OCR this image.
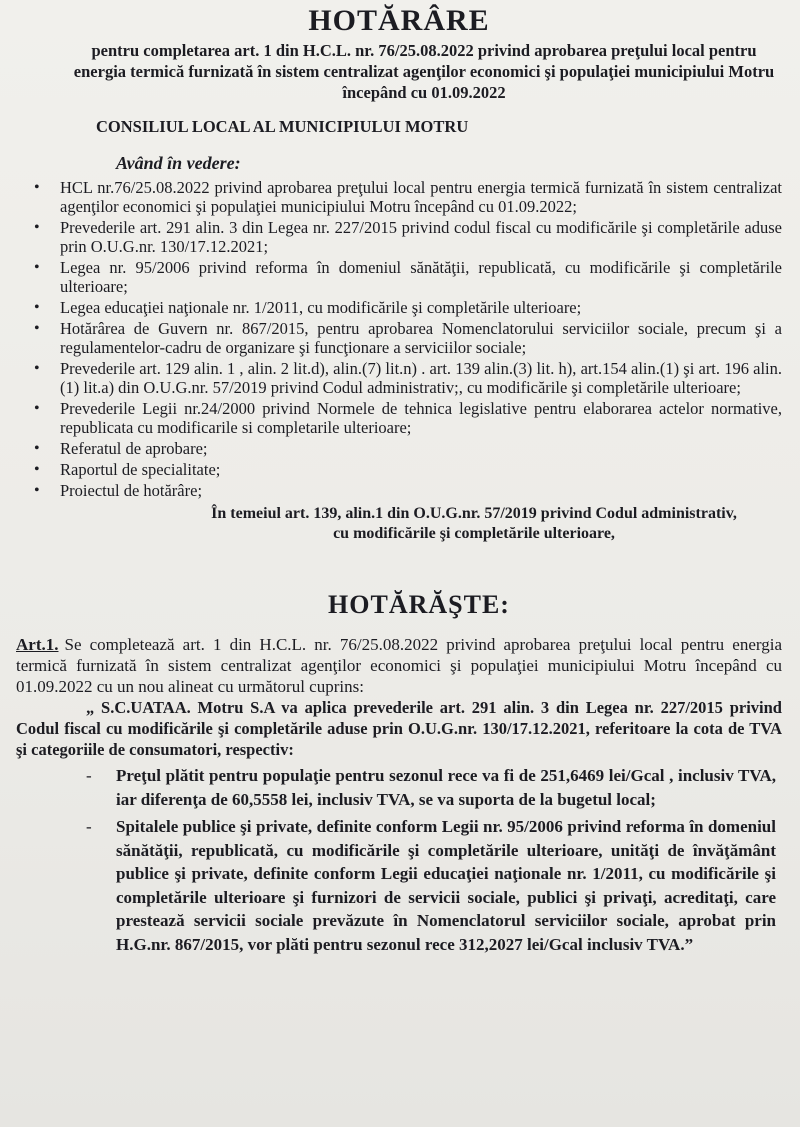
HOTĂRÂRE
pentru completarea art. 1 din H.C.L. nr. 76/25.08.2022 privind aprobarea preţului local pentru energia termică furnizată în sistem centralizat agenţilor economici şi populaţiei municipiului Motru începând cu 01.09.2022
CONSILIUL LOCAL AL MUNICIPIULUI MOTRU
Având în vedere:
• HCL nr.76/25.08.2022 privind aprobarea preţului local pentru energia termică furnizată în sistem centralizat agenţilor economici şi populaţiei municipiului Motru începând cu 01.09.2022;
• Prevederile art. 291 alin. 3 din Legea nr. 227/2015 privind codul fiscal cu modificările şi completările aduse prin O.U.G.nr. 130/17.12.2021;
• Legea nr. 95/2006 privind reforma în domeniul sănătăţii, republicată, cu modificările şi completările ulterioare;
• Legea educaţiei naţionale nr. 1/2011, cu modificările şi completările ulterioare;
• Hotărârea de Guvern nr. 867/2015, pentru aprobarea Nomenclatorului serviciilor sociale, precum şi a regulamentelor-cadru de organizare şi funcţionare a serviciilor sociale;
• Prevederile art. 129 alin. 1 , alin. 2 lit.d), alin.(7) lit.n) . art. 139 alin.(3) lit. h), art.154 alin.(1) şi art. 196 alin.(1) lit.a) din O.U.G.nr. 57/2019 privind Codul administrativ;, cu modificările şi completările ulterioare;
• Prevederile Legii nr.24/2000 privind Normele de tehnica legislative pentru elaborarea actelor normative, republicata cu modificarile si completarile ulterioare;
• Referatul de aprobare;
• Raportul de specialitate;
• Proiectul de hotărâre;
În temeiul art. 139, alin.1 din O.U.G.nr. 57/2019 privind Codul administrativ,
cu modificările şi completările ulterioare,
HOTĂRĂŞTE:

Art.1. Se completează art. 1 din H.C.L. nr. 76/25.08.2022 privind aprobarea preţului local pentru energia termică furnizată în sistem centralizat agenţilor economici şi populaţiei municipiului Motru începând cu 01.09.2022 cu un nou alineat cu următorul cuprins:

„ S.C.UATAA. Motru S.A va aplica prevederile art. 291 alin. 3 din Legea nr. 227/2015 privind Codul fiscal cu modificările şi completările aduse prin O.U.G.nr. 130/17.12.2021, referitoare la cota de TVA şi categoriile de consumatori, respectiv:

- Preţul plătit pentru populaţie pentru sezonul rece va fi de 251,6469 lei/Gcal , inclusiv TVA, iar diferenţa de 60,5558 lei, inclusiv TVA, se va suporta de la bugetul local;
- Spitalele publice şi private, definite conform Legii nr. 95/2006 privind reforma în domeniul sănătăţii, republicată, cu modificările şi completările ulterioare, unităţi de învăţământ publice şi private, definite conform Legii educaţiei naţionale nr. 1/2011, cu modificările şi completările ulterioare şi furnizori de servicii sociale, publici şi privaţi, acreditaţi, care prestează servicii sociale prevăzute în Nomenclatorul serviciilor sociale, aprobat prin H.G.nr. 867/2015, vor plăti pentru sezonul rece 312,2027 lei/Gcal inclusiv TVA.”
